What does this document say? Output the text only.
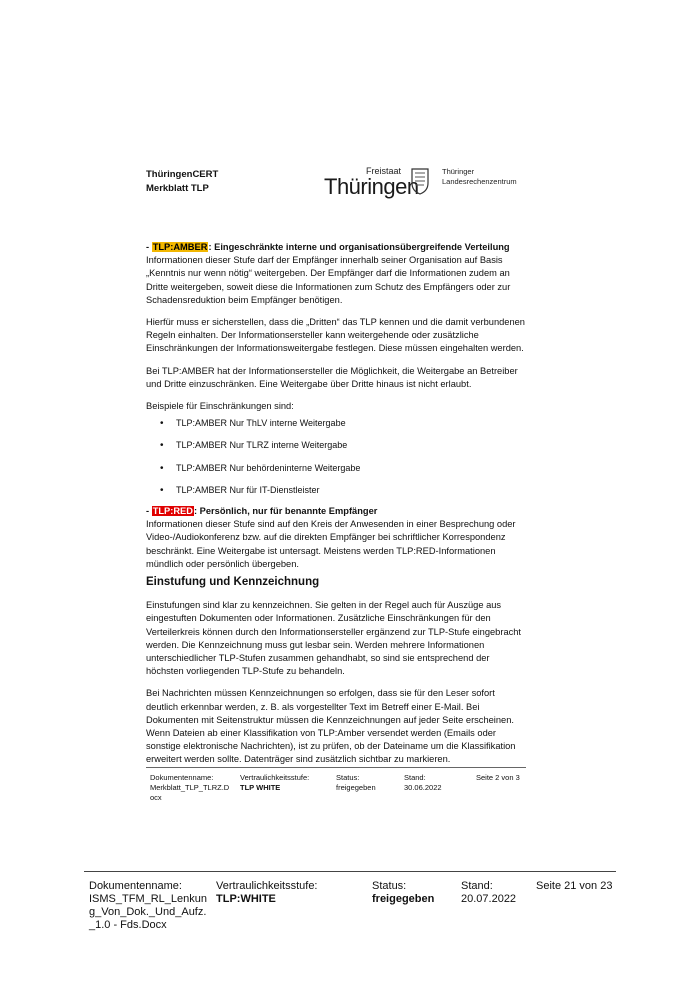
ThüringenCERT
Merkblatt TLP
Freistaat
Thüringen
Thüringer
Landesrechenzentrum
- TLP:AMBER: Eingeschränkte interne und organisationsübergreifende Verteilung

Informationen dieser Stufe darf der Empfänger innerhalb seiner Organisation auf Basis „Kenntnis nur wenn nötig“ weitergeben. Der Empfänger darf die Informationen zudem an Dritte weitergeben, soweit diese die Informationen zum Schutz des Empfängers oder zur Schadensreduktion beim Empfänger benötigen.

Hierfür muss er sicherstellen, dass die „Dritten“ das TLP kennen und die damit verbundenen Regeln einhalten. Der Informationsersteller kann weitergehende oder zusätzliche Einschränkungen der Informationsweitergabe festlegen. Diese müssen eingehalten werden.

Bei TLP:AMBER hat der Informationsersteller die Möglichkeit, die Weitergabe an Betreiber und Dritte einzuschränken. Eine Weitergabe über Dritte hinaus ist nicht erlaubt.

Beispiele für Einschränkungen sind:

• TLP:AMBER Nur ThLV interne Weitergabe
• TLP:AMBER Nur TLRZ interne Weitergabe
• TLP:AMBER Nur behördeninterne Weitergabe
• TLP:AMBER Nur für IT-Dienstleister
- TLP:RED: Persönlich, nur für benannte Empfänger

Informationen dieser Stufe sind auf den Kreis der Anwesenden in einer Besprechung oder Video-/Audiokonferenz bzw. auf die direkten Empfänger bei schriftlicher Korrespondenz beschränkt. Eine Weitergabe ist untersagt. Meistens werden TLP:RED-Informationen mündlich oder persönlich übergeben.

Einstufung und Kennzeichnung

Einstufungen sind klar zu kennzeichnen. Sie gelten in der Regel auch für Auszüge aus eingestuften Dokumenten oder Informationen. Zusätzliche Einschränkungen für den Verteilerkreis können durch den Informationsersteller ergänzend zur TLP-Stufe eingebracht werden. Die Kennzeichnung muss gut lesbar sein. Werden mehrere Informationen unterschiedlicher TLP-Stufen zusammen gehandhabt, so sind sie entsprechend der höchsten vorliegenden TLP-Stufe zu behandeln.

Bei Nachrichten müssen Kennzeichnungen so erfolgen, dass sie für den Leser sofort deutlich erkennbar werden, z. B. als vorgestellter Text im Betreff einer E-Mail. Bei Dokumenten mit Seitenstruktur müssen die Kennzeichnungen auf jeder Seite erscheinen. Wenn Dateien ab einer Klassifikation von TLP:Amber versendet werden (Emails oder sonstige elektronische Nachrichten), ist zu prüfen, ob der Dateiname um die Klassifikation erweitert werden sollte. Datenträger sind zusätzlich sichtbar zu markieren.

Dokumentenname:
Merkblatt_TLP_TLRZ.D
ocx
Vertraulichkeitsstufe:
TLP WHITE
Status:
freigegeben
Stand:
30.06.2022
Seite 2 von 3
Dokumentenname:
ISMS_TFM_RL_Lenkun
g_Von_Dok._Und_Aufz.
_1.0 - Fds.Docx
Vertraulichkeitsstufe:
TLP:WHITE
Status:
freigegeben
Stand:
20.07.2022
Seite 21 von 23
